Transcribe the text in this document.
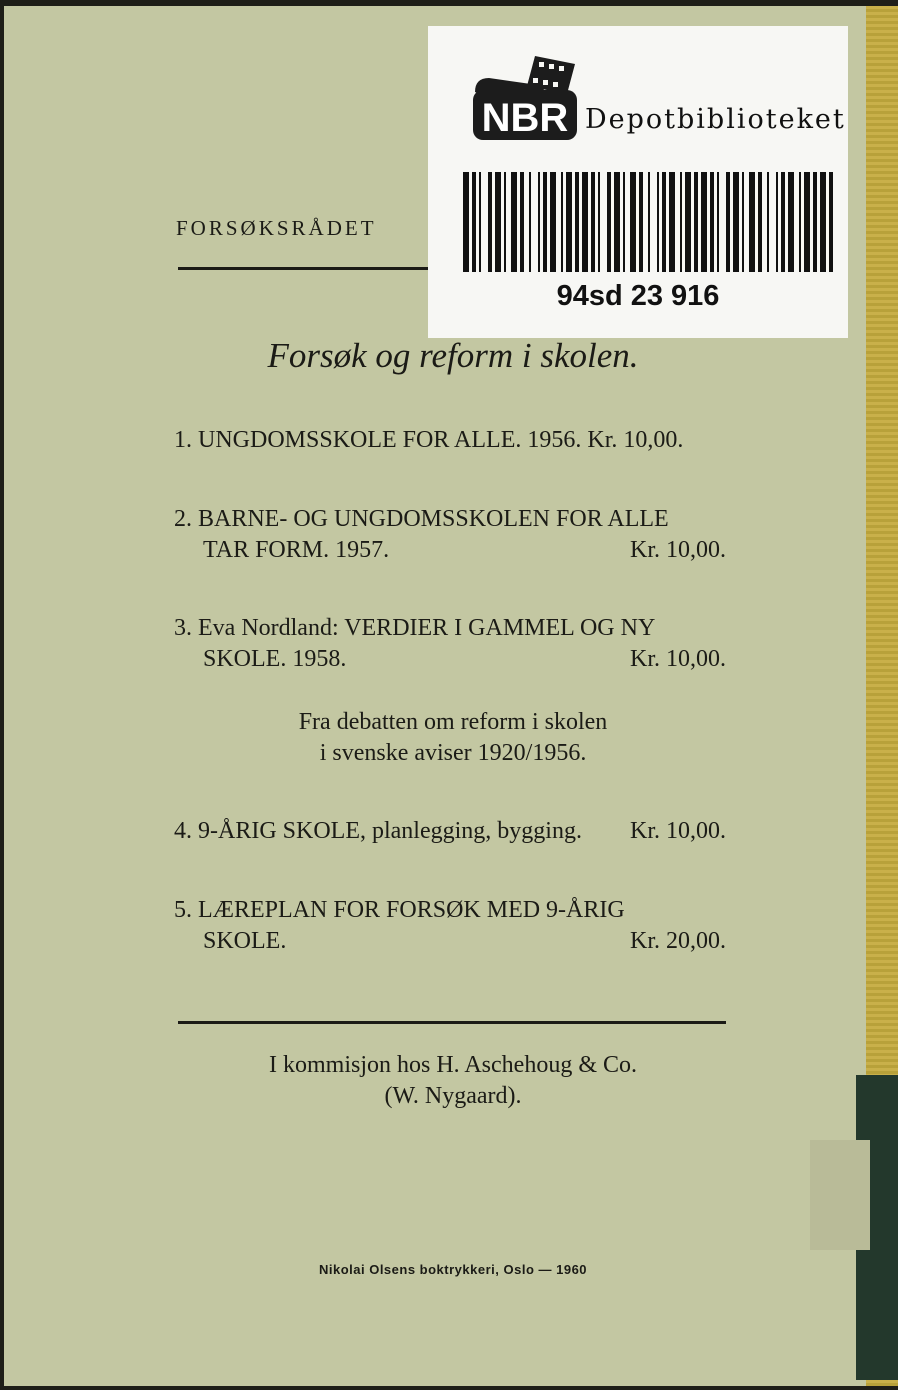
NBR Depotbiblioteket
94sd 23 916
FORSØKSRÅDET
Forsøk og reform i skolen.
1. UNGDOMSSKOLE FOR ALLE. 1956. Kr. 10,00.
2. BARNE- OG UNGDOMSSKOLEN FOR ALLE
TAR FORM. 1957.	Kr. 10,00.
3. Eva Nordland: VERDIER I GAMMEL OG NY
SKOLE. 1958.	Kr. 10,00.
Fra debatten om reform i skolen
i svenske aviser 1920/1956.
4. 9-ÅRIG SKOLE, planlegging, bygging. Kr. 10,00.
5. LÆREPLAN FOR FORSØK MED 9-ÅRIG
SKOLE.	Kr. 20,00.
I kommisjon hos H. Aschehoug & Co.
(W. Nygaard).
Nikolai Olsens boktrykkeri, Oslo — 1960
